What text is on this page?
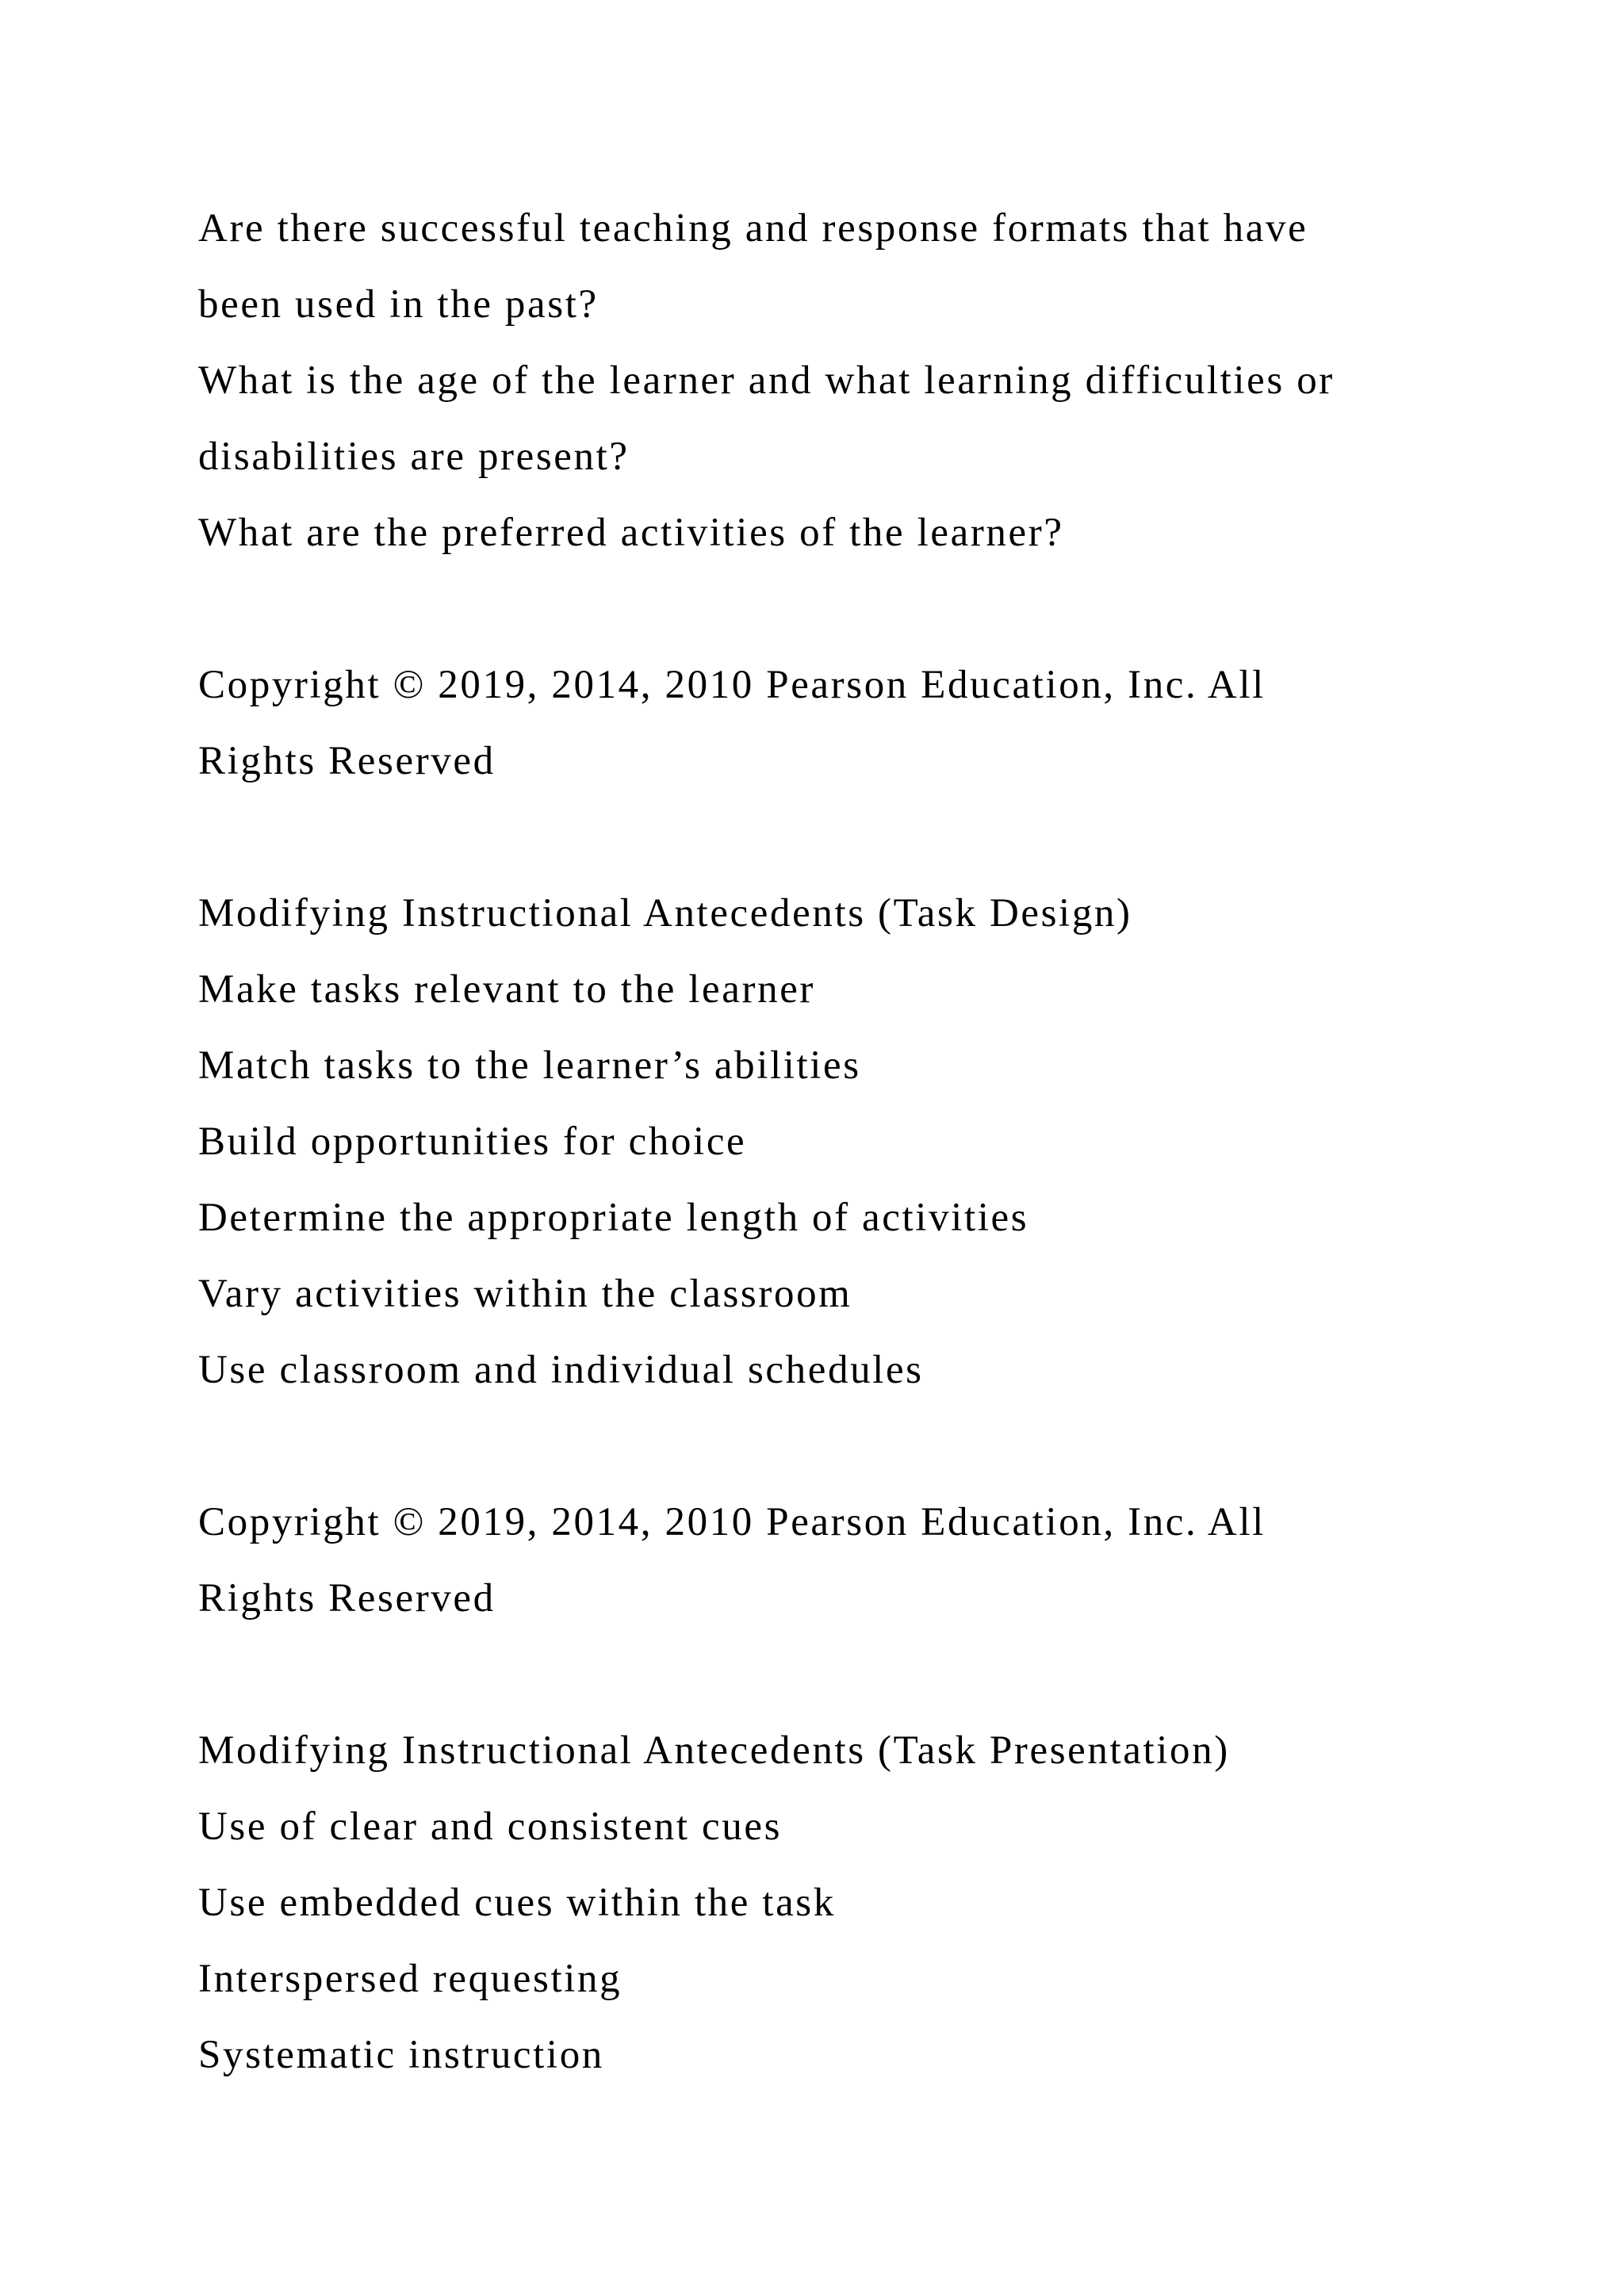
Are there successful teaching and response formats that have
been used in the past?
What is the age of the learner and what learning difficulties or
disabilities are present?
What are the preferred activities of the learner?
Copyright © 2019, 2014, 2010 Pearson Education, Inc. All
Rights Reserved
Modifying Instructional Antecedents (Task Design)
Make tasks relevant to the learner
Match tasks to the learner’s abilities
Build opportunities for choice
Determine the appropriate length of activities
Vary activities within the classroom
Use classroom and individual schedules
Copyright © 2019, 2014, 2010 Pearson Education, Inc. All
Rights Reserved
Modifying Instructional Antecedents (Task Presentation)
Use of clear and consistent cues
Use embedded cues within the task
Interspersed requesting
Systematic instruction
